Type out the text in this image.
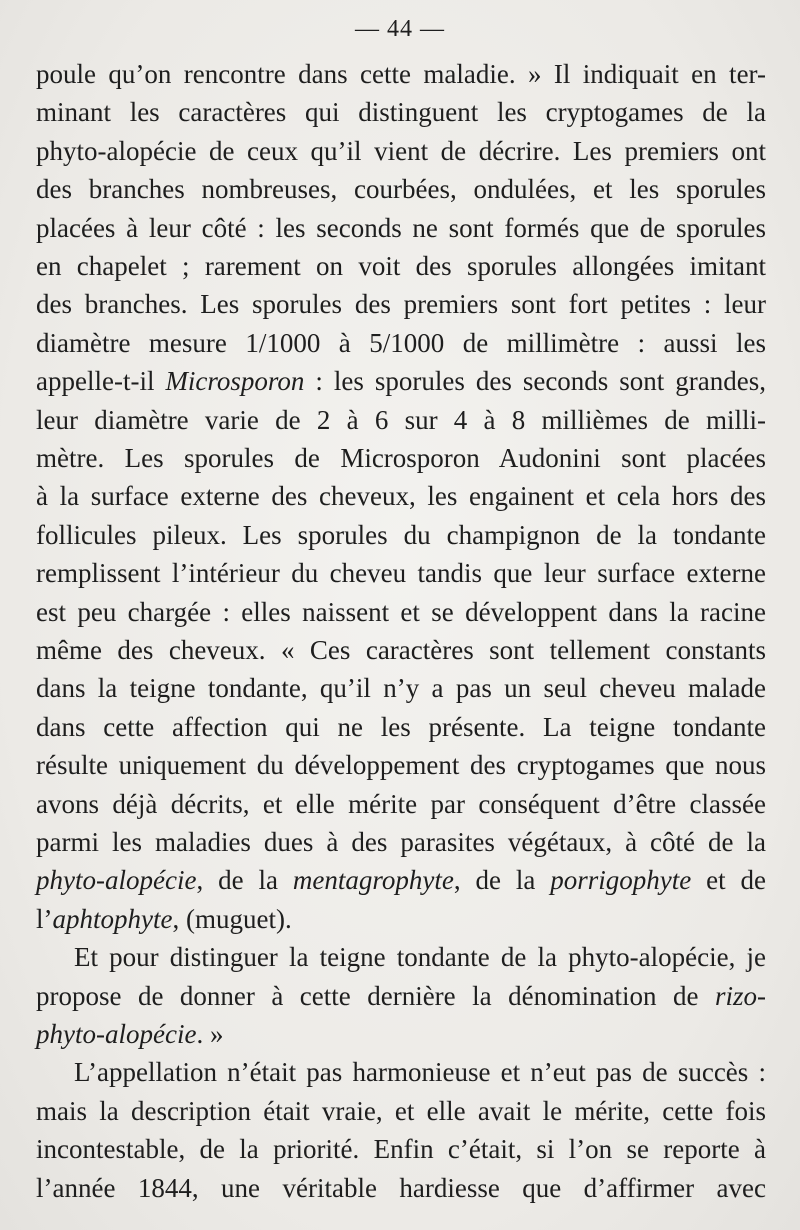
— 44 —
poule qu’on rencontre dans cette maladie. » Il indiquait en ter-
minant les caractères qui distinguent les cryptogames de la
phyto-alopécie de ceux qu’il vient de décrire. Les premiers ont
des branches nombreuses, courbées, ondulées, et les sporules
placées à leur côté : les seconds ne sont formés que de sporules
en chapelet ; rarement on voit des sporules allongées imitant
des branches. Les sporules des premiers sont fort petites : leur
diamètre mesure 1/1000 à 5/1000 de millimètre : aussi les
appelle-t-il Microsporon : les sporules des seconds sont grandes,
leur diamètre varie de 2 à 6 sur 4 à 8 millièmes de milli-
mètre. Les sporules de Microsporon Audonini sont placées
à la surface externe des cheveux, les engainent et cela hors des
follicules pileux. Les sporules du champignon de la tondante
remplissent l’intérieur du cheveu tandis que leur surface externe
est peu chargée : elles naissent et se développent dans la racine
même des cheveux. « Ces caractères sont tellement constants
dans la teigne tondante, qu’il n’y a pas un seul cheveu malade
dans cette affection qui ne les présente. La teigne tondante
résulte uniquement du développement des cryptogames que nous
avons déjà décrits, et elle mérite par conséquent d’être classée
parmi les maladies dues à des parasites végétaux, à côté de la
phyto-alopécie, de la mentagrophyte, de la porrigophyte et de
l’aphtophyte, (muguet).
Et pour distinguer la teigne tondante de la phyto-alopécie, je
propose de donner à cette dernière la dénomination de rizo-
phyto-alopécie. »
L’appellation n’était pas harmonieuse et n’eut pas de succès :
mais la description était vraie, et elle avait le mérite, cette fois
incontestable, de la priorité. Enfin c’était, si l’on se reporte à
l’année 1844, une véritable hardiesse que d’affirmer avec
